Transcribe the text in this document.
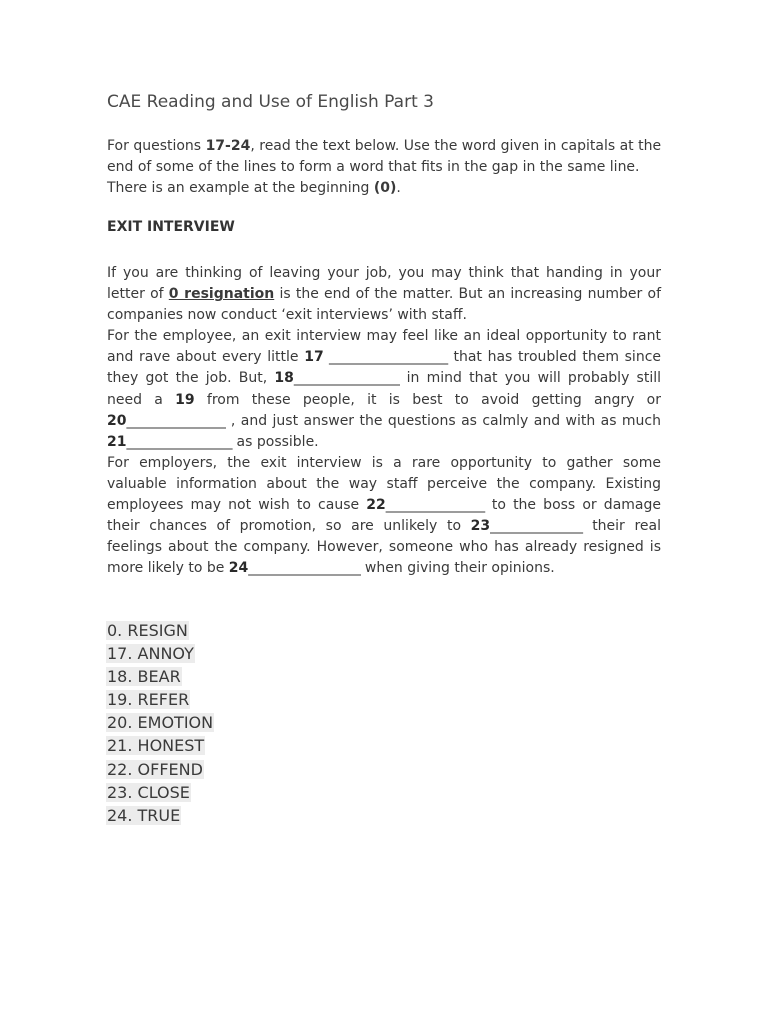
CAE Reading and Use of English Part 3

For questions 17-24, read the text below. Use the word given in capitals at the end of some of the lines to form a word that fits in the gap in the same line. There is an example at the beginning (0).

EXIT INTERVIEW

If you are thinking of leaving your job, you may think that handing in your letter of 0 resignation is the end of the matter. But an increasing number of companies now conduct ‘exit interviews’ with staff.

For the employee, an exit interview may feel like an ideal opportunity to rant and rave about every little 17 __________________ that has troubled them since they got the job. But, 18________________ in mind that you will probably still need a 19 from these people, it is best to avoid getting angry or 20_______________ , and just answer the questions as calmly and with as much 21________________ as possible.

For employers, the exit interview is a rare opportunity to gather some valuable information about the way staff perceive the company. Existing employees may not wish to cause 22_______________ to the boss or damage their chances of promotion, so are unlikely to 23______________ their real feelings about the company. However, someone who has already resigned is more likely to be 24_________________ when giving their opinions.

0. RESIGN
17. ANNOY
18. BEAR
19. REFER
20. EMOTION
21. HONEST
22. OFFEND
23. CLOSE
24. TRUE
